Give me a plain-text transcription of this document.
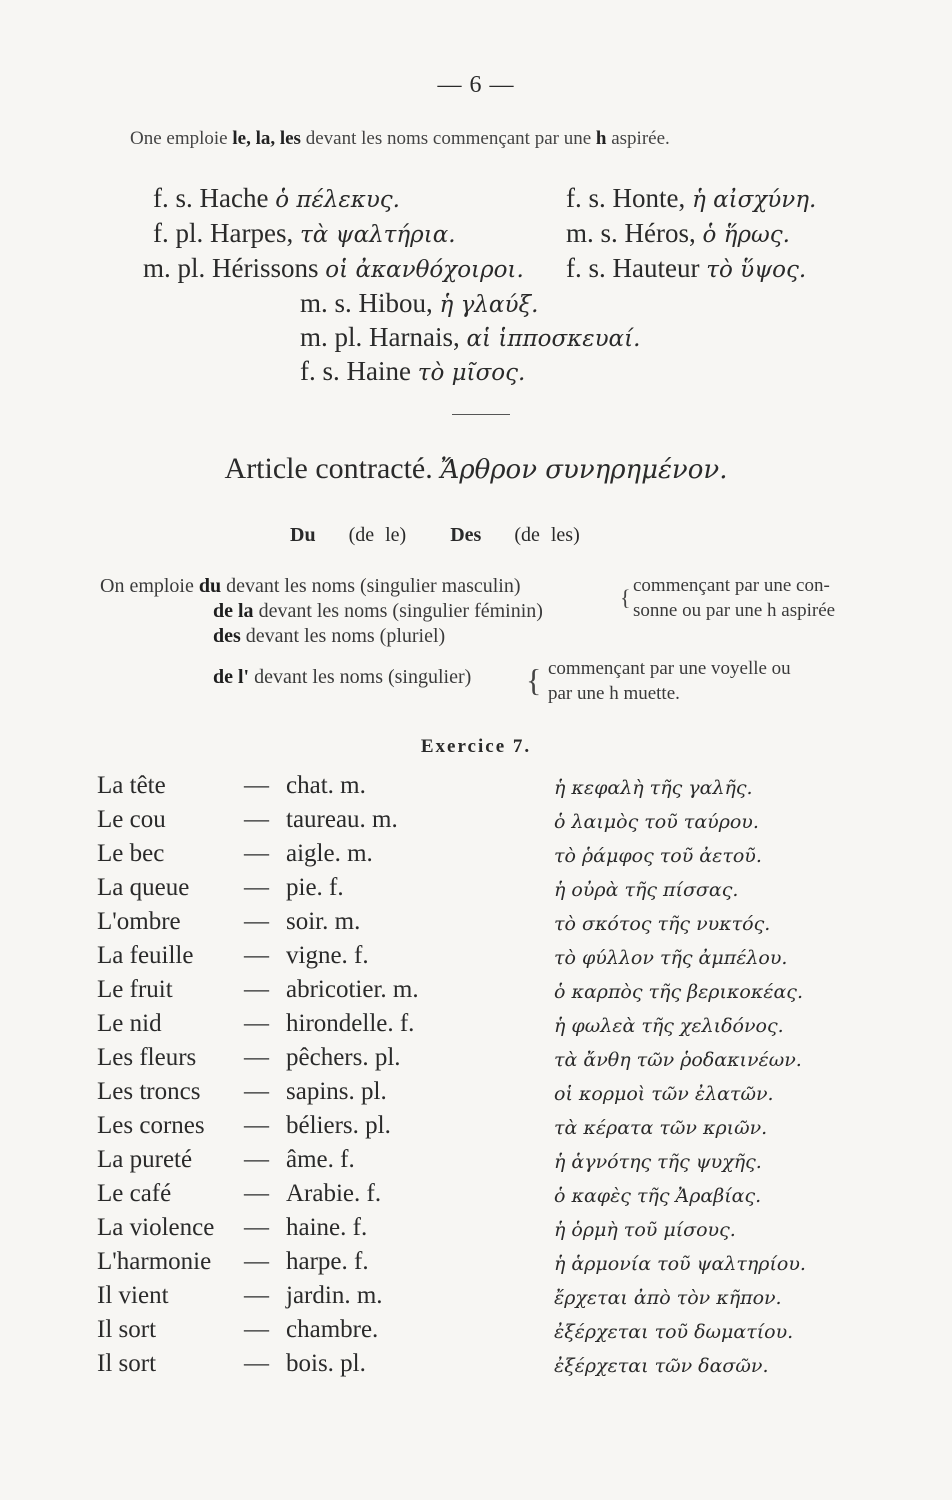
— 6 —
One emploie le, la, les devant les noms commençant par une h aspirée.
f. s. Hache ὁ πέλεκυς.	f. s. Honte, ἡ αἰσχύνη.
f. pl. Harpes, τὰ ψαλτήρια.	m. s. Héros, ὁ ἥρως.
m. pl. Hérissons οἱ ἀκανθόχοιροι. f. s. Hauteur τὸ ὕψος.
m. s. Hibou, ἡ γλαύξ.
m. pl. Harnais, αἱ ἱπποσκευαί.
f. s. Haine τὸ μῖσος.
Article contracté. Ἄρθρον συνηρημένον.
Du (de le) Des (de les)
On emploie du devant les noms (singulier masculin)
de la devant les noms (singulier féminin)
des devant les noms (pluriel)
de l' devant les noms (singulier)
{ commençant par une con-
sonne ou par une h aspirée
{ commençant par une voyelle ou
par une h muette.
Exercice 7.
La tête	— chat. m.	ἡ κεφαλὴ τῆς γαλῆς.
Le cou	— taureau. m.	ὁ λαιμὸς τοῦ ταύρου.
Le bec	— aigle. m.	τὸ ῥάμφος τοῦ ἀετοῦ.
La queue — pie. f.	ἡ οὐρὰ τῆς πίσσας.
L'ombre	— soir. m.	τὸ σκότος τῆς νυκτός.
La feuille — vigne. f.	τὸ φύλλον τῆς ἀμπέλου.
Le fruit	— abricotier. m.	ὁ καρπὸς τῆς βερικοκέας.
Le nid	— hirondelle. f.	ἡ φωλεὰ τῆς χελιδόνος.
Les fleurs — pêchers. pl.	τὰ ἄνθη τῶν ῥοδακινέων.
Les troncs — sapins. pl.	οἱ κορμοὶ τῶν ἐλατῶν.
Les cornes — béliers. pl.	τὰ κέρατα τῶν κριῶν.
La pureté — âme. f.	ἡ ἁγνότης τῆς ψυχῆς.
Le café	— Arabie. f.	ὁ καφὲς τῆς Ἀραβίας.
La violence — haine. f.	ἡ ὁρμὴ τοῦ μίσους.
L'harmonie — harpe. f.	ἡ ἁρμονία τοῦ ψαλτηρίου.
Il vient	— jardin. m.	ἔρχεται ἀπὸ τὸν κῆπον.
Il sort	— chambre.	ἐξέρχεται τοῦ δωματίου.
Il sort	— bois. pl.	ἐξέρχεται τῶν δασῶν.
